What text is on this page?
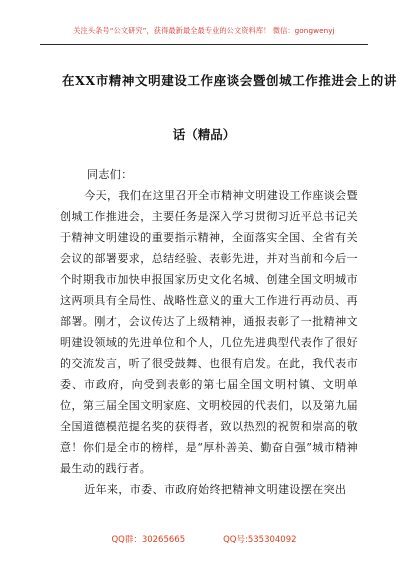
关注头条号“公文研究”，获得最新最全最专业的公文资料库！ 微信：gongwenyj
在XX市精神文明建设工作座谈会暨创城工作推进会上的讲
话（精品）
同志们：

今天，我们在这里召开全市精神文明建设工作座谈会暨创城工作推进会，主要任务是深入学习贯彻习近平总书记关于精神文明建设的重要指示精神，全面落实全国、全省有关会议的部署要求，总结经验、表彰先进，并对当前和今后一个时期我市加快申报国家历史文化名城、创建全国文明城市这两项具有全局性、战略性意义的重大工作进行再动员、再部署。刚才，会议传达了上级精神，通报表彰了一批精神文明建设领域的先进单位和个人，几位先进典型代表作了很好的交流发言，听了很受鼓舞、也很有启发。在此，我代表市委、市政府，向受到表彰的第七届全国文明村镇、文明单位，第三届全国文明家庭、文明校园的代表们，以及第九届全国道德模范提名奖的获得者，致以热烈的祝贺和崇高的敬意！你们是全市的榜样，是“厚朴善美、勤奋自强”城市精神最生动的践行者。

近年来，市委、市政府始终把精神文明建设摆在突出

QQ群：30265665	QQ号:535304092
